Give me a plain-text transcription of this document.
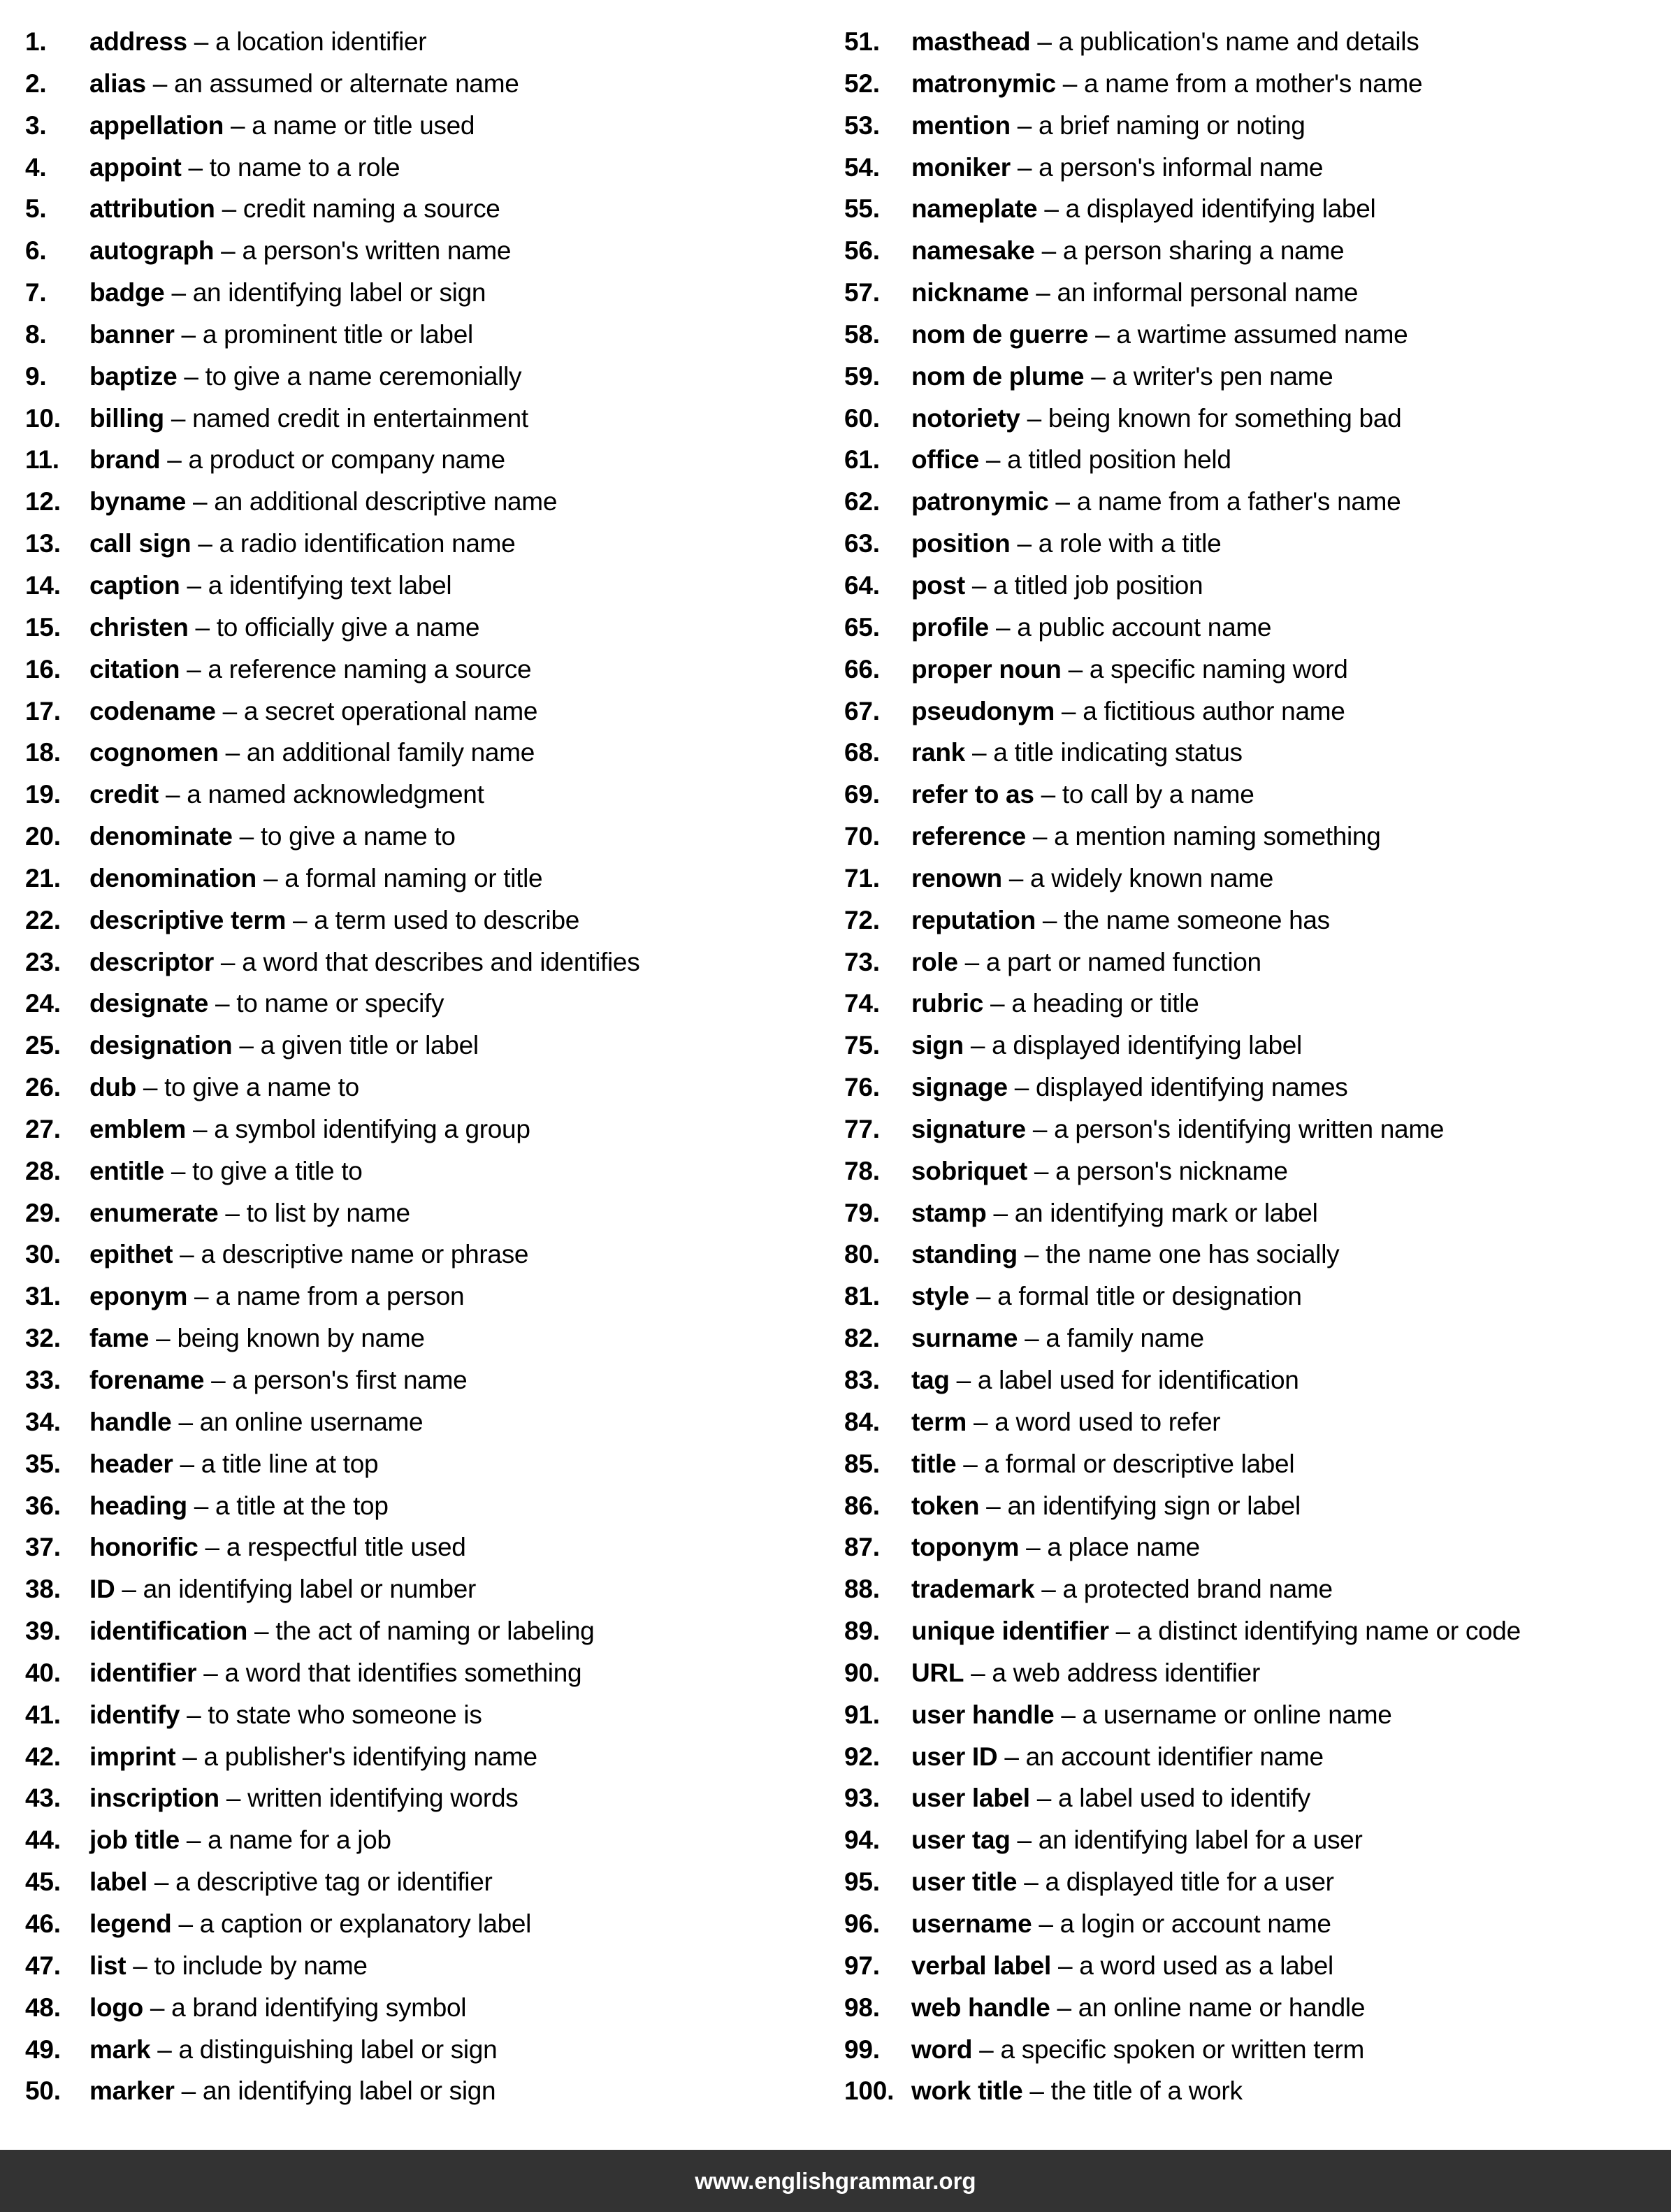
1.	address – a location identifier
2.	alias – an assumed or alternate name
3.	appellation – a name or title used
4.	appoint – to name to a role
5.	attribution – credit naming a source
6.	autograph – a person's written name
7.	badge – an identifying label or sign
8.	banner – a prominent title or label
9.	baptize – to give a name ceremonially
10.	billing – named credit in entertainment
11.	brand – a product or company name
12.	byname – an additional descriptive name
13.	call sign – a radio identification name
14.	caption – a identifying text label
15.	christen – to officially give a name
16.	citation – a reference naming a source
17.	codename – a secret operational name
18.	cognomen – an additional family name
19.	credit – a named acknowledgment
20.	denominate – to give a name to
21.	denomination – a formal naming or title
22.	descriptive term – a term used to describe
23.	descriptor – a word that describes and identifies
24.	designate – to name or specify
25.	designation – a given title or label
26.	dub – to give a name to
27.	emblem – a symbol identifying a group
28.	entitle – to give a title to
29.	enumerate – to list by name
30.	epithet – a descriptive name or phrase
31.	eponym – a name from a person
32.	fame – being known by name
33.	forename – a person's first name
34.	handle – an online username
35.	header – a title line at top
36.	heading – a title at the top
37.	honorific – a respectful title used
38.	ID – an identifying label or number
39.	identification – the act of naming or labeling
40.	identifier – a word that identifies something
41.	identify – to state who someone is
42.	imprint – a publisher's identifying name
43.	inscription – written identifying words
44.	job title – a name for a job
45.	label – a descriptive tag or identifier
46.	legend – a caption or explanatory label
47.	list – to include by name
48.	logo – a brand identifying symbol
49.	mark – a distinguishing label or sign
50.	marker – an identifying label or sign
51.	masthead – a publication's name and details
52.	matronymic – a name from a mother's name
53.	mention – a brief naming or noting
54.	moniker – a person's informal name
55.	nameplate – a displayed identifying label
56.	namesake – a person sharing a name
57.	nickname – an informal personal name
58.	nom de guerre – a wartime assumed name
59.	nom de plume – a writer's pen name
60.	notoriety – being known for something bad
61.	office – a titled position held
62.	patronymic – a name from a father's name
63.	position – a role with a title
64.	post – a titled job position
65.	profile – a public account name
66.	proper noun – a specific naming word
67.	pseudonym – a fictitious author name
68.	rank – a title indicating status
69.	refer to as – to call by a name
70.	reference – a mention naming something
71.	renown – a widely known name
72.	reputation – the name someone has
73.	role – a part or named function
74.	rubric – a heading or title
75.	sign – a displayed identifying label
76.	signage – displayed identifying names
77.	signature – a person's identifying written name
78.	sobriquet – a person's nickname
79.	stamp – an identifying mark or label
80.	standing – the name one has socially
81.	style – a formal title or designation
82.	surname – a family name
83.	tag – a label used for identification
84.	term – a word used to refer
85.	title – a formal or descriptive label
86.	token – an identifying sign or label
87.	toponym – a place name
88.	trademark – a protected brand name
89.	unique identifier – a distinct identifying name or code
90.	URL – a web address identifier
91.	user handle – a username or online name
92.	user ID – an account identifier name
93.	user label – a label used to identify
94.	user tag – an identifying label for a user
95.	user title – a displayed title for a user
96.	username – a login or account name
97.	verbal label – a word used as a label
98.	web handle – an online name or handle
99.	word – a specific spoken or written term
100. work title – the title of a work
www.englishgrammar.org
